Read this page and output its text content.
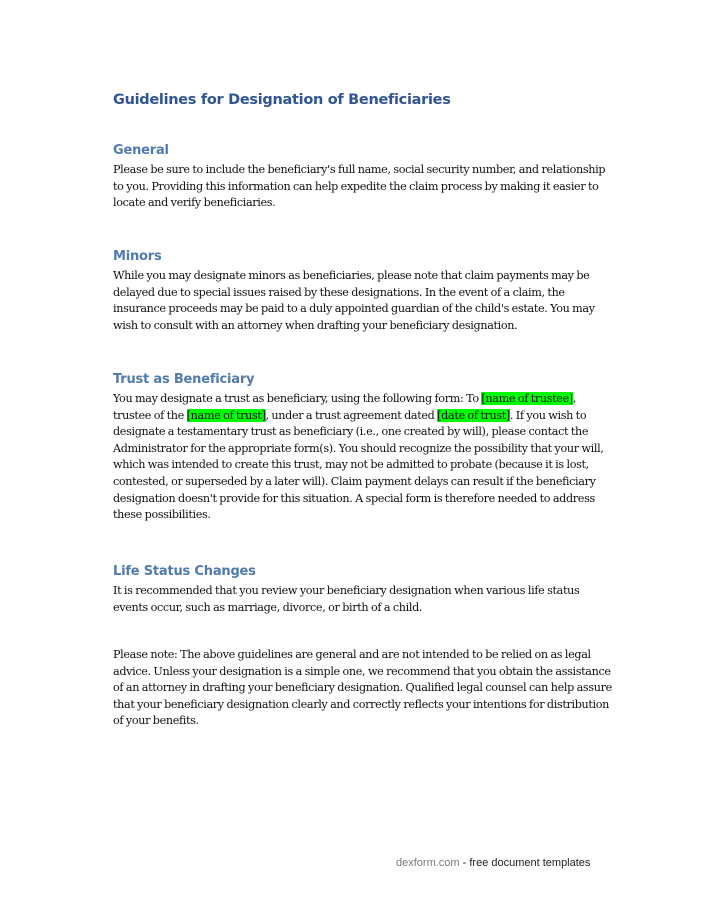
Guidelines for Designation of Beneficiaries
General

Please be sure to include the beneficiary's full name, social security number, and relationship to you. Providing this information can help expedite the claim process by making it easier to locate and verify beneficiaries.

Minors

While you may designate minors as beneficiaries, please note that claim payments may be delayed due to special issues raised by these designations. In the event of a claim, the insurance proceeds may be paid to a duly appointed guardian of the child's estate. You may wish to consult with an attorney when drafting your beneficiary designation.

Trust as Beneficiary

You may designate a trust as beneficiary, using the following form: To [name of trustee], trustee of the [name of trust], under a trust agreement dated [date of trust]. If you wish to designate a testamentary trust as beneficiary (i.e., one created by will), please contact the Administrator for the appropriate form(s). You should recognize the possibility that your will, which was intended to create this trust, may not be admitted to probate (because it is lost, contested, or superseded by a later will). Claim payment delays can result if the beneficiary designation doesn't provide for this situation. A special form is therefore needed to address these possibilities.

Life Status Changes

It is recommended that you review your beneficiary designation when various life status events occur, such as marriage, divorce, or birth of a child.

Please note: The above guidelines are general and are not intended to be relied on as legal advice. Unless your designation is a simple one, we recommend that you obtain the assistance of an attorney in drafting your beneficiary designation. Qualified legal counsel can help assure that your beneficiary designation clearly and correctly reflects your intentions for distribution of your benefits.

dexform.com - free document templates
